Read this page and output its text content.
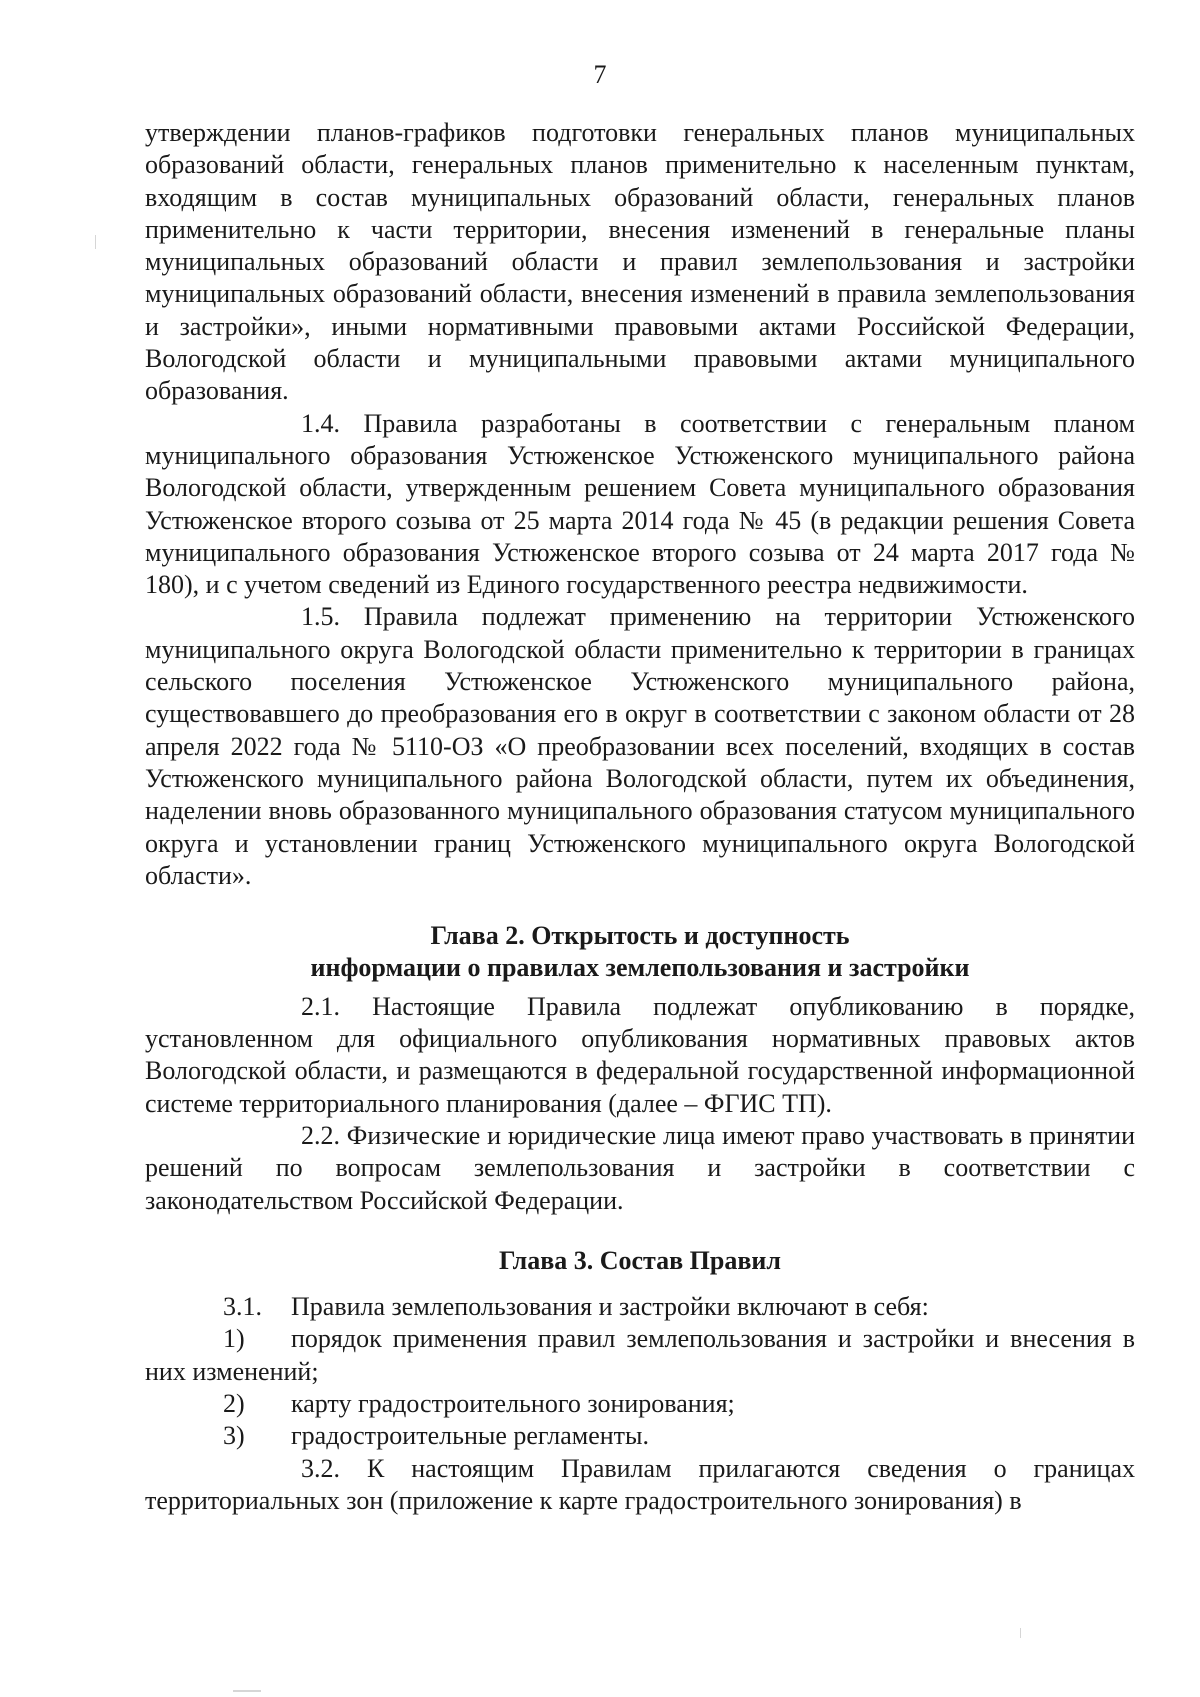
7

утверждении планов-графиков подготовки генеральных планов муниципальных образований области, генеральных планов применительно к населенным пунктам, входящим в состав муниципальных образований области, генеральных планов применительно к части территории, внесения изменений в генеральные планы муниципальных образований области и правил землепользования и застройки муниципальных образований области, внесения изменений в правила землепользования и застройки», иными нормативными правовыми актами Российской Федерации, Вологодской области и муниципальными правовыми актами муниципального образования.

1.4. Правила разработаны в соответствии с генеральным планом муниципального образования Устюженское Устюженского муниципального района Вологодской области, утвержденным решением Совета муниципального образования Устюженское второго созыва от 25 марта 2014 года № 45 (в редакции решения Совета муниципального образования Устюженское второго созыва от 24 марта 2017 года № 180), и с учетом сведений из Единого государственного реестра недвижимости.

1.5. Правила подлежат применению на территории Устюженского муниципального округа Вологодской области применительно к территории в границах сельского поселения Устюженское Устюженского муниципального района, существовавшего до преобразования его в округ в соответствии с законом области от 28 апреля 2022 года № 5110-ОЗ «О преобразовании всех поселений, входящих в состав Устюженского муниципального района Вологодской области, путем их объединения, наделении вновь образованного муниципального образования статусом муниципального округа и установлении границ Устюженского муниципального округа Вологодской области».

Глава 2. Открытость и доступность
информации о правилах землепользования и застройки

2.1. Настоящие Правила подлежат опубликованию в порядке, установленном для официального опубликования нормативных правовых актов Вологодской области, и размещаются в федеральной государственной информационной системе территориального планирования (далее – ФГИС ТП).

2.2. Физические и юридические лица имеют право участвовать в принятии решений по вопросам землепользования и застройки в соответствии с законодательством Российской Федерации.

Глава 3. Состав Правил

3.1. Правила землепользования и застройки включают в себя:

1) порядок применения правил землепользования и застройки и внесения в них изменений;

2) карту градостроительного зонирования;

3) градостроительные регламенты.

3.2. К настоящим Правилам прилагаются сведения о границах территориальных зон (приложение к карте градостроительного зонирования) в
